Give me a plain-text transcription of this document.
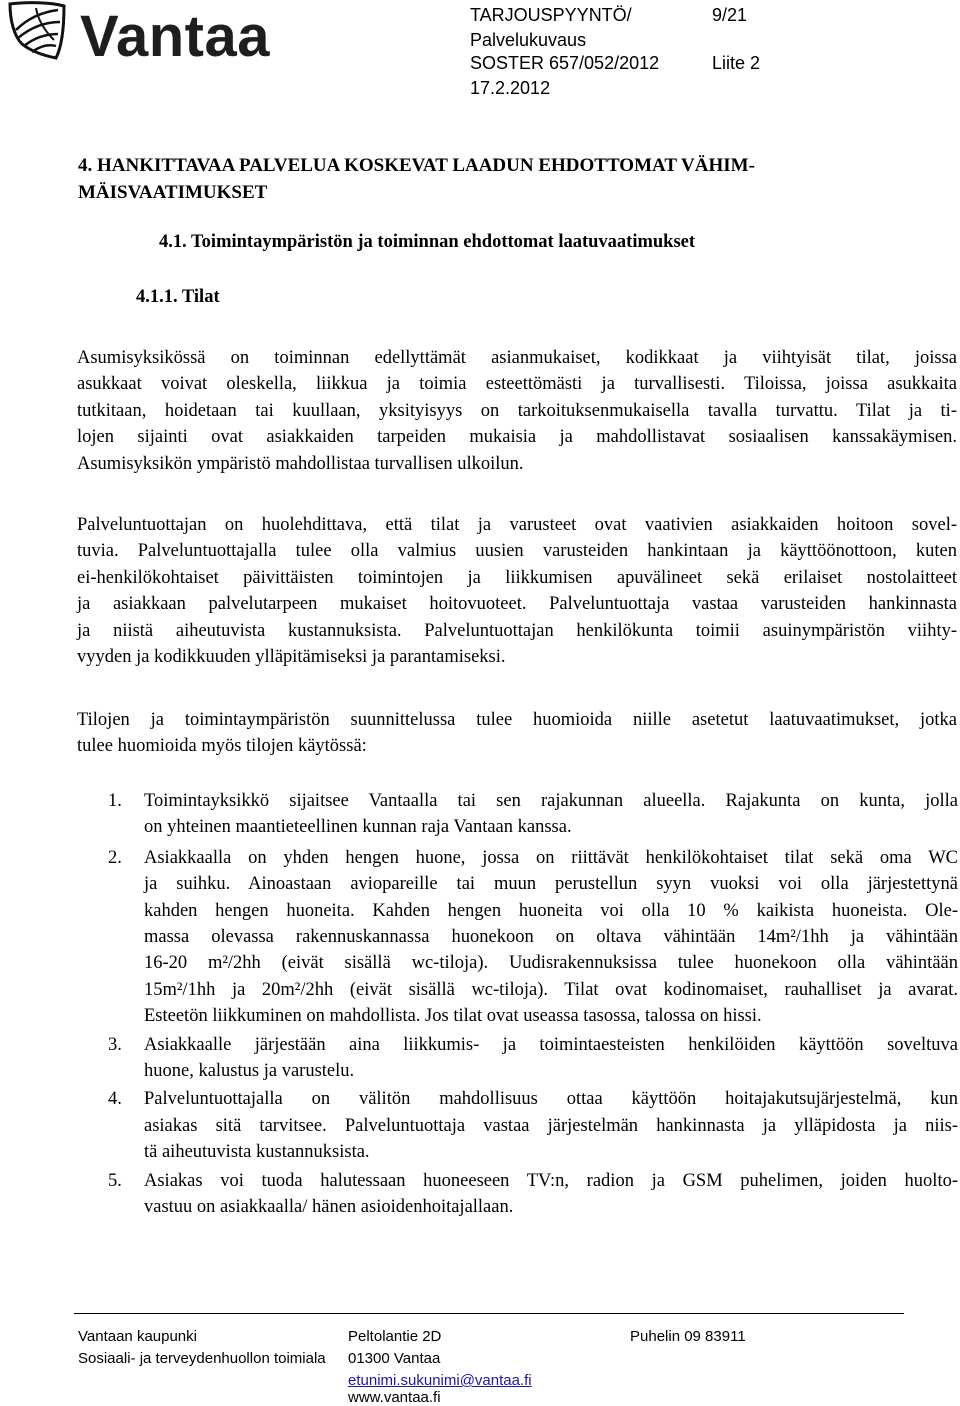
Vantaa	TARJOUSPYYNTÖ/	9/21
Palvelukuvaus
SOSTER 657/052/2012	Liite 2
17.2.2012
4. HANKITTAVAA PALVELUA KOSKEVAT LAADUN EHDOTTOMAT VÄHIM-
MÄISVAATIMUKSET
4.1. Toimintaympäristön ja toiminnan ehdottomat laatuvaatimukset
4.1.1. Tilat
Asumisyksikössä on toiminnan edellyttämät asianmukaiset, kodikkaat ja viihtyisät tilat, joissa
asukkaat voivat oleskella, liikkua ja toimia esteettömästi ja turvallisesti. Tiloissa, joissa asukkaita
tutkitaan, hoidetaan tai kuullaan, yksityisyys on tarkoituksenmukaisella tavalla turvattu. Tilat ja ti-
lojen sijainti ovat asiakkaiden tarpeiden mukaisia ja mahdollistavat sosiaalisen kanssakäymisen.
Asumisyksikön ympäristö mahdollistaa turvallisen ulkoilun.
Palveluntuottajan on huolehdittava, että tilat ja varusteet ovat vaativien asiakkaiden hoitoon sovel-
tuvia. Palveluntuottajalla tulee olla valmius uusien varusteiden hankintaan ja käyttöönottoon, kuten
ei-henkilökohtaiset päivittäisten toimintojen ja liikkumisen apuvälineet sekä erilaiset nostolaitteet
ja asiakkaan palvelutarpeen mukaiset hoitovuoteet. Palveluntuottaja vastaa varusteiden hankinnasta
ja niistä aiheutuvista kustannuksista. Palveluntuottajan henkilökunta toimii asuinympäristön viihty-
vyyden ja kodikkuuden ylläpitämiseksi ja parantamiseksi.
Tilojen ja toimintaympäristön suunnittelussa tulee huomioida niille asetetut laatuvaatimukset, jotka
tulee huomioida myös tilojen käytössä:
1. Toimintayksikkö sijaitsee Vantaalla tai sen rajakunnan alueella. Rajakunta on kunta, jolla
on yhteinen maantieteellinen kunnan raja Vantaan kanssa.
2. Asiakkaalla on yhden hengen huone, jossa on riittävät henkilökohtaiset tilat sekä oma WC
ja suihku. Ainoastaan aviopareille tai muun perustellun syyn vuoksi voi olla järjestettynä
kahden hengen huoneita. Kahden hengen huoneita voi olla 10 % kaikista huoneista. Ole-
massa olevassa rakennuskannassa huonekoon on oltava vähintään 14m²/1hh ja vähintään
16-20 m²/2hh (eivät sisällä wc-tiloja). Uudisrakennuksissa tulee huonekoon olla vähintään
15m²/1hh ja 20m²/2hh (eivät sisällä wc-tiloja). Tilat ovat kodinomaiset, rauhalliset ja avarat.
Esteetön liikkuminen on mahdollista. Jos tilat ovat useassa tasossa, talossa on hissi.
3. Asiakkaalle järjestään aina liikkumis- ja toimintaesteisten henkilöiden käyttöön soveltuva
huone, kalustus ja varustelu.
4. Palveluntuottajalla on välitön mahdollisuus ottaa käyttöön hoitajakutsujärjestelmä, kun
asiakas sitä tarvitsee. Palveluntuottaja vastaa järjestelmän hankinnasta ja ylläpidosta ja niis-
tä aiheutuvista kustannuksista.
5. Asiakas voi tuoda halutessaan huoneeseen TV:n, radion ja GSM puhelimen, joiden huolto-
vastuu on asiakkaalla/ hänen asioidenhoitajallaan.
Vantaan kaupunki
Sosiaali- ja terveydenhuollon toimiala
Peltolantie 2D
01300 Vantaa
etunimi.sukunimi@vantaa.fi
www.vantaa.fi
Puhelin 09 83911
